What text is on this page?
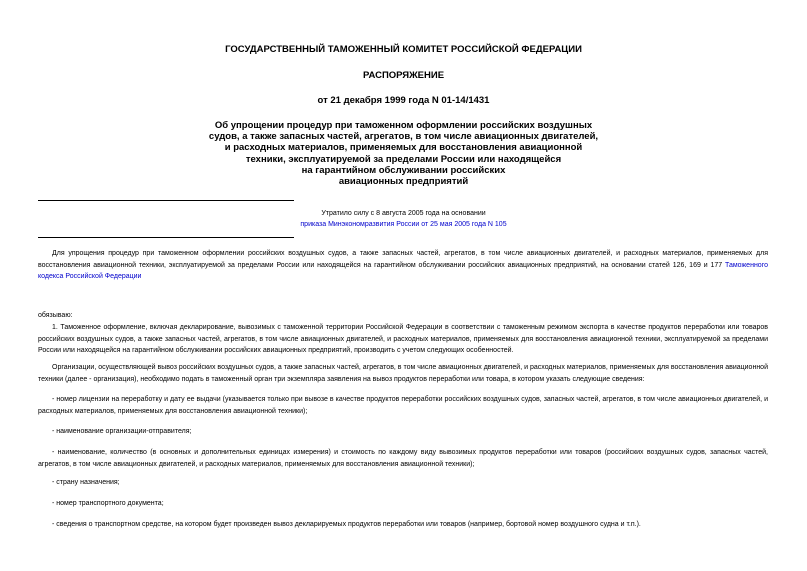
ГОСУДАРСТВЕННЫЙ ТАМОЖЕННЫЙ КОМИТЕТ РОССИЙСКОЙ ФЕДЕРАЦИИ
РАСПОРЯЖЕНИЕ
от 21 декабря 1999 года N 01-14/1431
Об упрощении процедур при таможенном оформлении российских воздушных
судов, а также запасных частей, агрегатов, в том числе авиационных двигателей,
и расходных материалов, применяемых для восстановления авиационной
техники, эксплуатируемой за пределами России или находящейся
на гарантийном обслуживании российских
авиационных предприятий
Утратило силу с 8 августа 2005 года на основании
приказа Минэкономразвития России от 25 мая 2005 года N 105
Для упрощения процедур при таможенном оформлении российских воздушных судов, а также запасных частей, агрегатов, в том числе авиационных двигателей, и расходных материалов, применяемых для восстановления авиационной техники, эксплуатируемой за пределами России или находящейся на гарантийном обслуживании российских авиационных предприятий, на основании статей 126, 169 и 177 Таможенного кодекса Российской Федерации
обязываю:
1. Таможенное оформление, включая декларирование, вывозимых с таможенной территории Российской Федерации в соответствии с таможенным режимом экспорта в качестве продуктов переработки или товаров российских воздушных судов, а также запасных частей, агрегатов, в том числе авиационных двигателей, и расходных материалов, применяемых для восстановления авиационной техники, эксплуатируемой за пределами России или находящейся на гарантийном обслуживании российских авиационных предприятий, производить с учетом следующих особенностей.
Организации, осуществляющей вывоз российских воздушных судов, а также запасных частей, агрегатов, в том числе авиационных двигателей, и расходных материалов, применяемых для восстановления авиационной техники (далее - организация), необходимо подать в таможенный орган три экземпляра заявления на вывоз продуктов переработки или товара, в котором указать следующие сведения:
- номер лицензии на переработку и дату ее выдачи (указывается только при вывозе в качестве продуктов переработки российских воздушных судов, запасных частей, агрегатов, в том числе авиационных двигателей, и расходных материалов, применяемых для восстановления авиационной техники);
- наименование организации-отправителя;
- наименование, количество (в основных и дополнительных единицах измерения) и стоимость по каждому виду вывозимых продуктов переработки или товаров (российских воздушных судов, запасных частей, агрегатов, в том числе авиационных двигателей, и расходных материалов, применяемых для восстановления авиационной техники);
- страну назначения;
- номер транспортного документа;
- сведения о транспортном средстве, на котором будет произведен вывоз декларируемых продуктов переработки или товаров (например, бортовой номер воздушного судна и т.п.).
